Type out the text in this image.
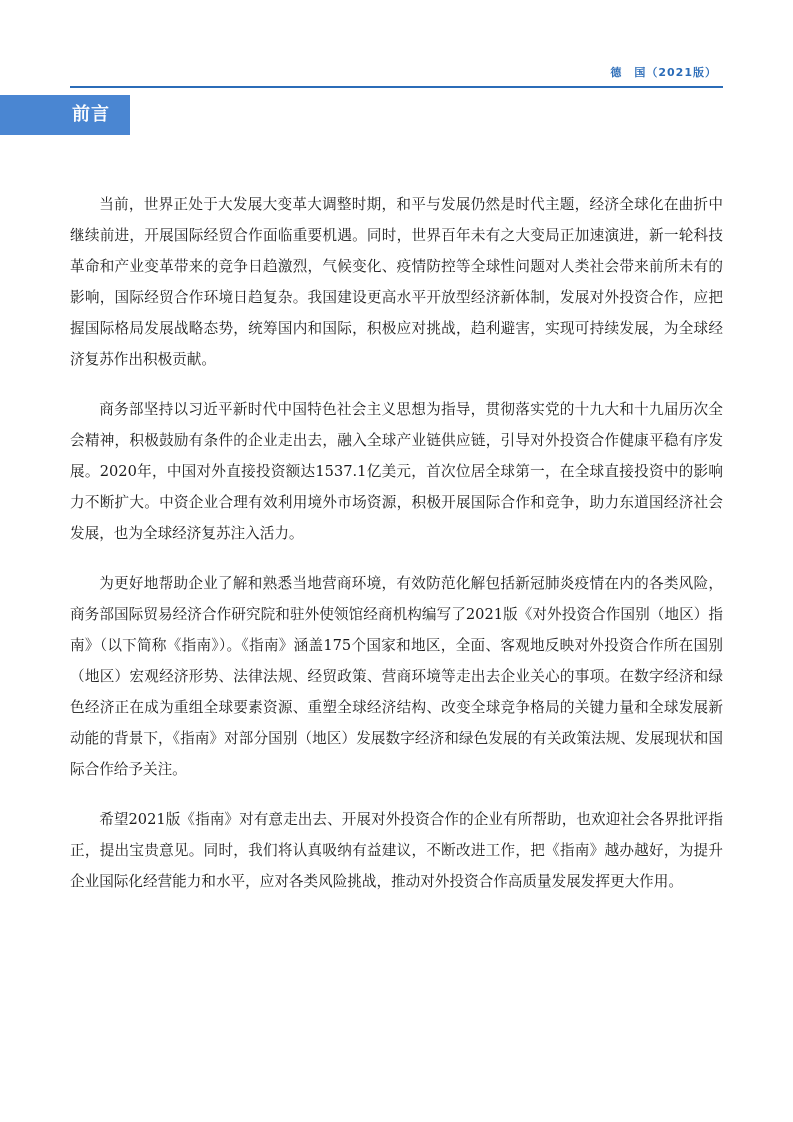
德　国（2021版）
前言

当前，世界正处于大发展大变革大调整时期，和平与发展仍然是时代主题，经济全球化在曲折中继续前进，开展国际经贸合作面临重要机遇。同时，世界百年未有之大变局正加速演进，新一轮科技革命和产业变革带来的竞争日趋激烈，气候变化、疫情防控等全球性问题对人类社会带来前所未有的影响，国际经贸合作环境日趋复杂。我国建设更高水平开放型经济新体制，发展对外投资合作，应把握国际格局发展战略态势，统筹国内和国际，积极应对挑战，趋利避害，实现可持续发展，为全球经济复苏作出积极贡献。

商务部坚持以习近平新时代中国特色社会主义思想为指导，贯彻落实党的十九大和十九届历次全会精神，积极鼓励有条件的企业走出去，融入全球产业链供应链，引导对外投资合作健康平稳有序发展。2020年，中国对外直接投资额达1537.1亿美元，首次位居全球第一，在全球直接投资中的影响力不断扩大。中资企业合理有效利用境外市场资源，积极开展国际合作和竞争，助力东道国经济社会发展，也为全球经济复苏注入活力。

为更好地帮助企业了解和熟悉当地营商环境，有效防范化解包括新冠肺炎疫情在内的各类风险，商务部国际贸易经济合作研究院和驻外使领馆经商机构编写了2021版《对外投资合作国别（地区）指南》（以下简称《指南》）。《指南》涵盖175个国家和地区，全面、客观地反映对外投资合作所在国别（地区）宏观经济形势、法律法规、经贸政策、营商环境等走出去企业关心的事项。在数字经济和绿色经济正在成为重组全球要素资源、重塑全球经济结构、改变全球竞争格局的关键力量和全球发展新动能的背景下，《指南》对部分国别（地区）发展数字经济和绿色发展的有关政策法规、发展现状和国际合作给予关注。

希望2021版《指南》对有意走出去、开展对外投资合作的企业有所帮助，也欢迎社会各界批评指正，提出宝贵意见。同时，我们将认真吸纳有益建议，不断改进工作，把《指南》越办越好，为提升企业国际化经营能力和水平，应对各类风险挑战，推动对外投资合作高质量发展发挥更大作用。
